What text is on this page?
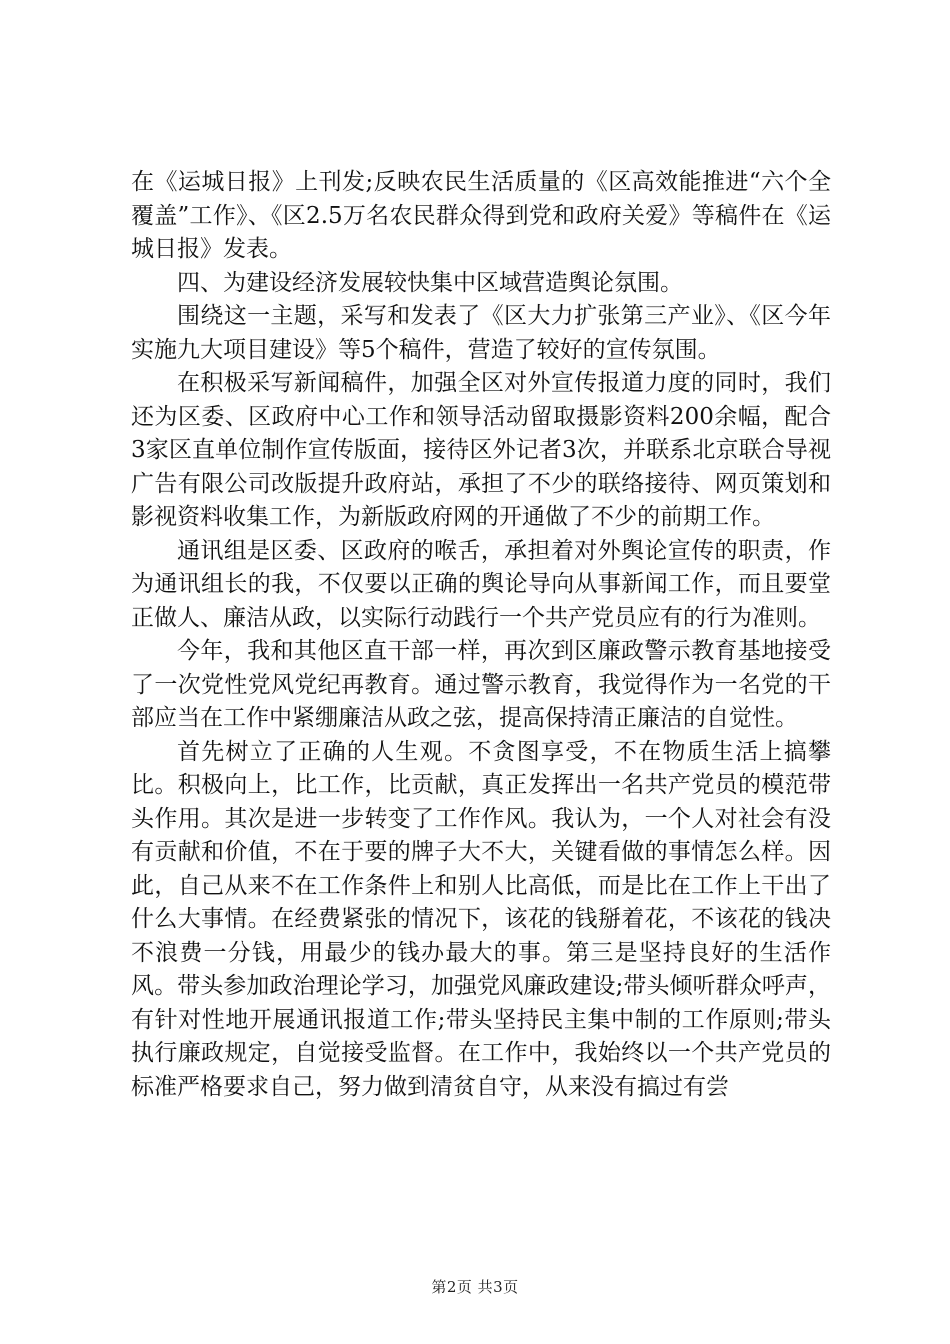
在《运城日报》上刊发;反映农民生活质量的《区高效能推进“六个全覆盖”工作》、《区2.5万名农民群众得到党和政府关爱》等稿件在《运城日报》发表。

四、为建设经济发展较快集中区域营造舆论氛围。

围绕这一主题，采写和发表了《区大力扩张第三产业》、《区今年实施九大项目建设》等5个稿件，营造了较好的宣传氛围。

在积极采写新闻稿件，加强全区对外宣传报道力度的同时，我们还为区委、区政府中心工作和领导活动留取摄影资料200余幅，配合3家区直单位制作宣传版面，接待区外记者3次，并联系北京联合导视广告有限公司改版提升政府站，承担了不少的联络接待、网页策划和影视资料收集工作，为新版政府网的开通做了不少的前期工作。

通讯组是区委、区政府的喉舌，承担着对外舆论宣传的职责，作为通讯组长的我，不仅要以正确的舆论导向从事新闻工作，而且要堂正做人、廉洁从政，以实际行动践行一个共产党员应有的行为准则。

今年，我和其他区直干部一样，再次到区廉政警示教育基地接受了一次党性党风党纪再教育。通过警示教育，我觉得作为一名党的干部应当在工作中紧绷廉洁从政之弦，提高保持清正廉洁的自觉性。

首先树立了正确的人生观。不贪图享受，不在物质生活上搞攀比。积极向上，比工作，比贡献，真正发挥出一名共产党员的模范带头作用。其次是进一步转变了工作作风。我认为，一个人对社会有没有贡献和价值，不在于要的牌子大不大，关键看做的事情怎么样。因此，自己从来不在工作条件上和别人比高低，而是比在工作上干出了什么大事情。在经费紧张的情况下，该花的钱掰着花，不该花的钱决不浪费一分钱，用最少的钱办最大的事。第三是坚持良好的生活作风。带头参加政治理论学习，加强党风廉政建设;带头倾听群众呼声，有针对性地开展通讯报道工作;带头坚持民主集中制的工作原则;带头执行廉政规定，自觉接受监督。在工作中，我始终以一个共产党员的标准严格要求自己，努力做到清贫自守，从来没有搞过有尝

第2页 共3页
